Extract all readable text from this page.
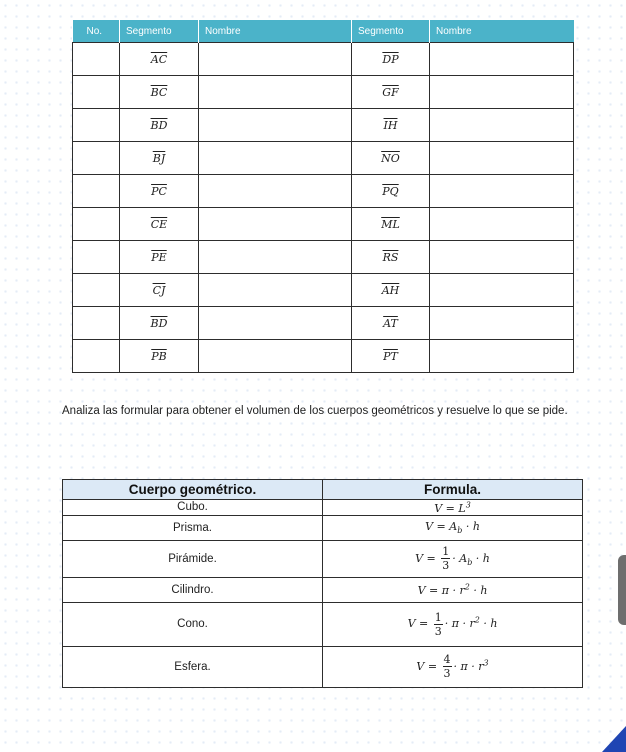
No.	Segmento	Nombre	Segmento	Nombre
	$\overline{AC}$		$\overline{DP}$	
	$\overline{BC}$		$\overline{GF}$	
	$\overline{BD}$		$\overline{IH}$	
	$\overline{BJ}$		$\overline{NO}$	
	$\overline{PC}$		$\overline{PQ}$	
	$\overline{CE}$		$\overline{ML}$	
	$\overline{PE}$		$\overline{RS}$	
	$\overline{CJ}$		$\overline{AH}$	
	$\overline{BD}$		$\overline{AT}$	
	$\overline{PB}$		$\overline{PT}$	

Analiza las formular para obtener el volumen de los cuerpos geométricos y resuelve lo que se pide.

Cuerpo geométrico.	Formula.
Cubo.	$V = L^3$
Prisma.	$V = A_b \cdot h$
Pirámide.	$V = \frac{1}{3} \cdot A_b \cdot h$
Cilindro.	$V = \pi \cdot r^2 \cdot h$
Cono.	$V = \frac{1}{3} \cdot \pi \cdot r^2 \cdot h$
Esfera.	$V = \frac{4}{3} \cdot \pi \cdot r^3$
